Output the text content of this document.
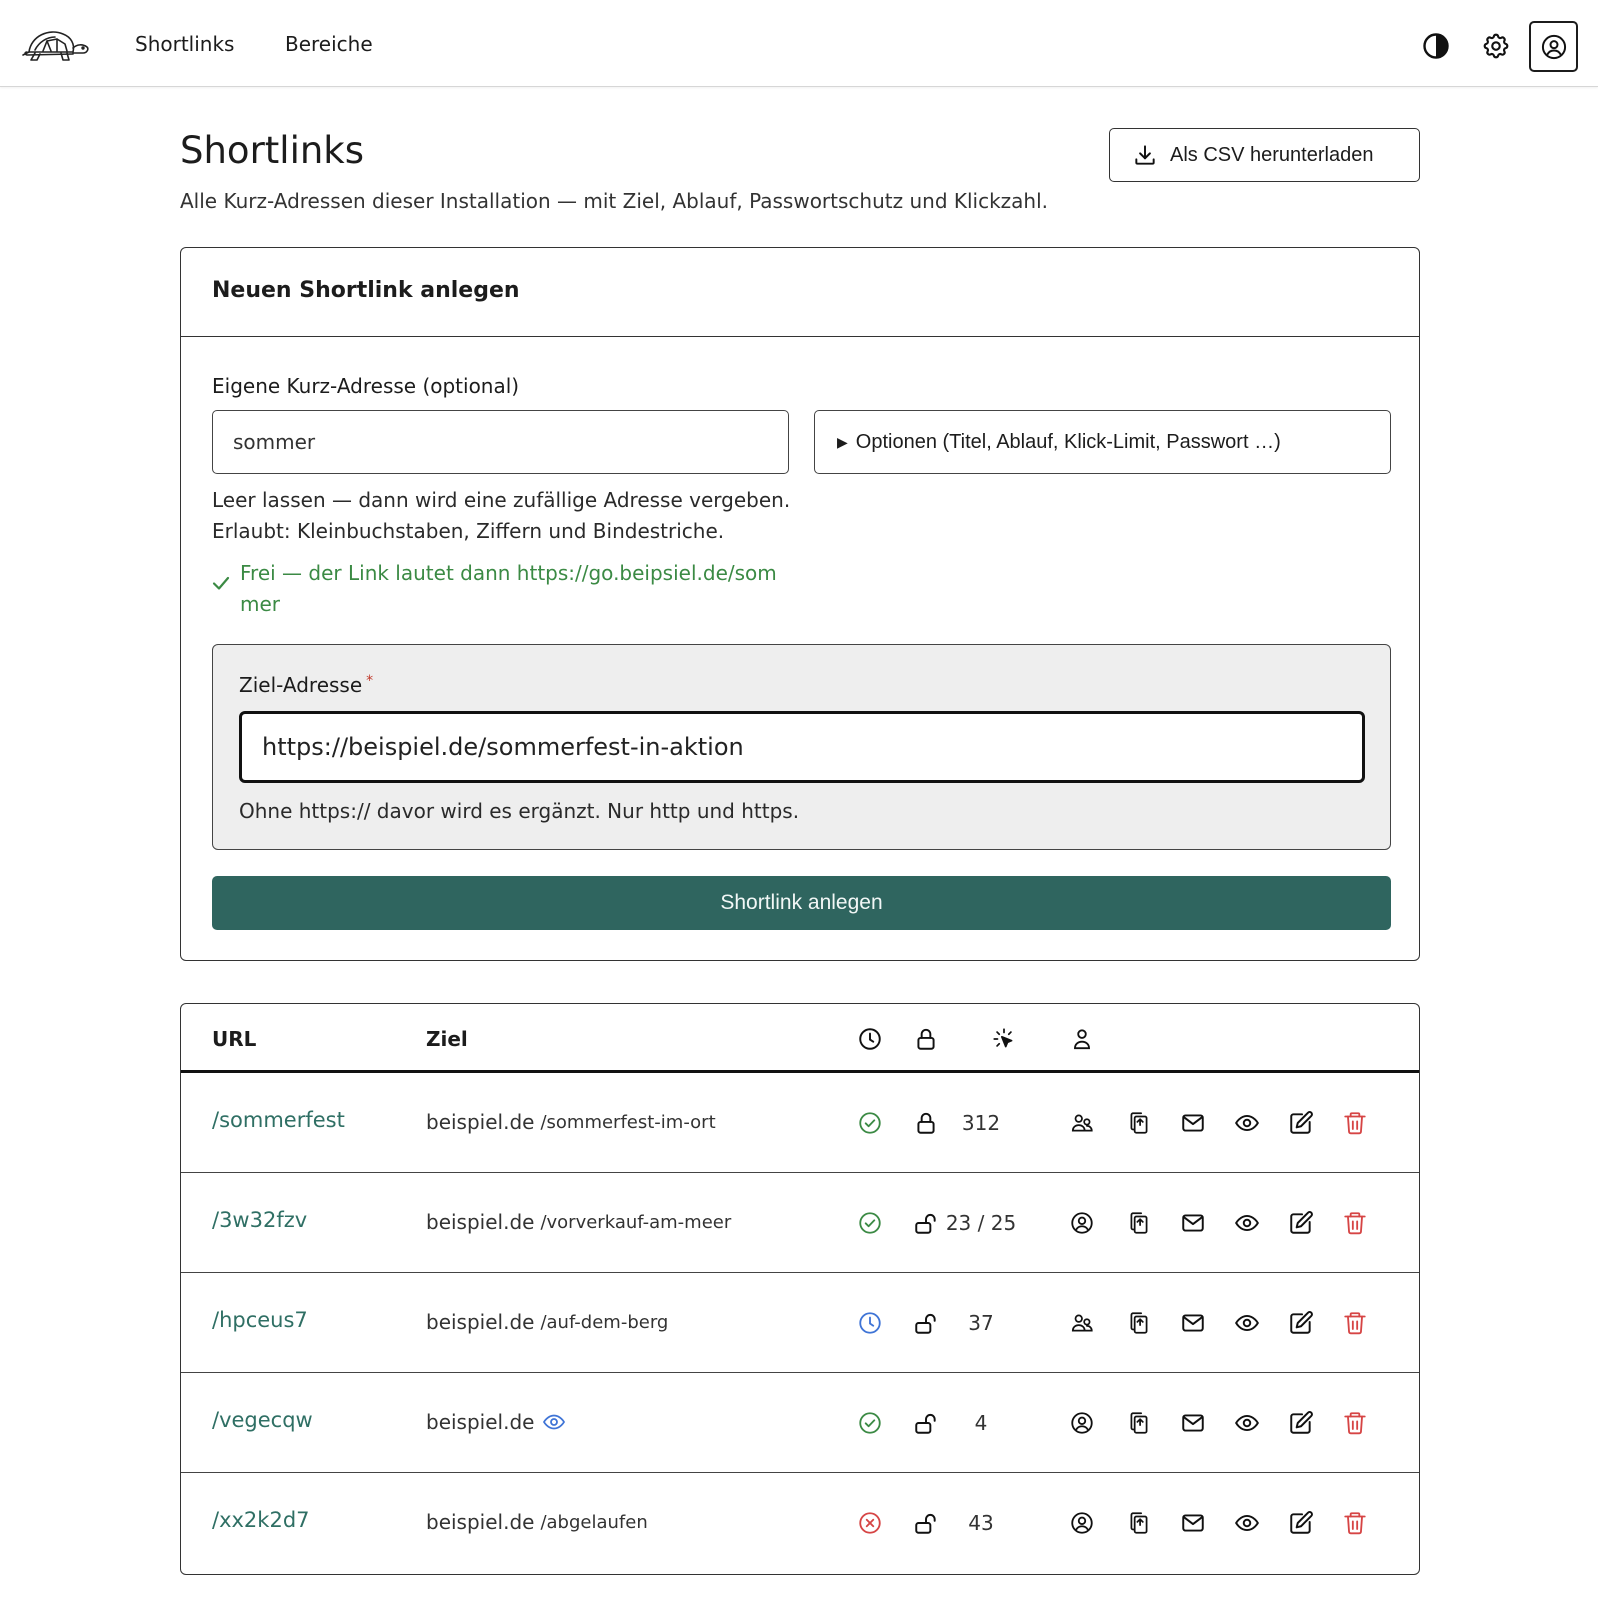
Shortlinks	Bereiche
Shortlinks

Alle Kurz-Adressen dieser Installation — mit Ziel, Ablauf, Passwortschutz und Klickzahl.

Als CSV herunterladen
Neuen Shortlink anlegen
Eigene Kurz-Adresse (optional)
sommer
▶ Optionen (Titel, Ablauf, Klick-Limit, Passwort …)
Leer lassen — dann wird eine zufällige Adresse vergeben.
Erlaubt: Kleinbuchstaben, Ziffern und Bindestriche.
Frei — der Link lautet dann https://go.beipsiel.de/som
mer
Ziel-Adresse *
https://beispiel.de/sommerfest-in-aktion
Ohne https:// davor wird es ergänzt. Nur http und https.
Shortlink anlegen
URL	Ziel
/sommerfest	beispiel.de /sommerfest-im-ort	312
/3w32fzv	beispiel.de /vorverkauf-am-meer	23 / 25
/hpceus7	beispiel.de /auf-dem-berg	37
/vegecqw	beispiel.de	4
/xx2k2d7	beispiel.de /abgelaufen	43
